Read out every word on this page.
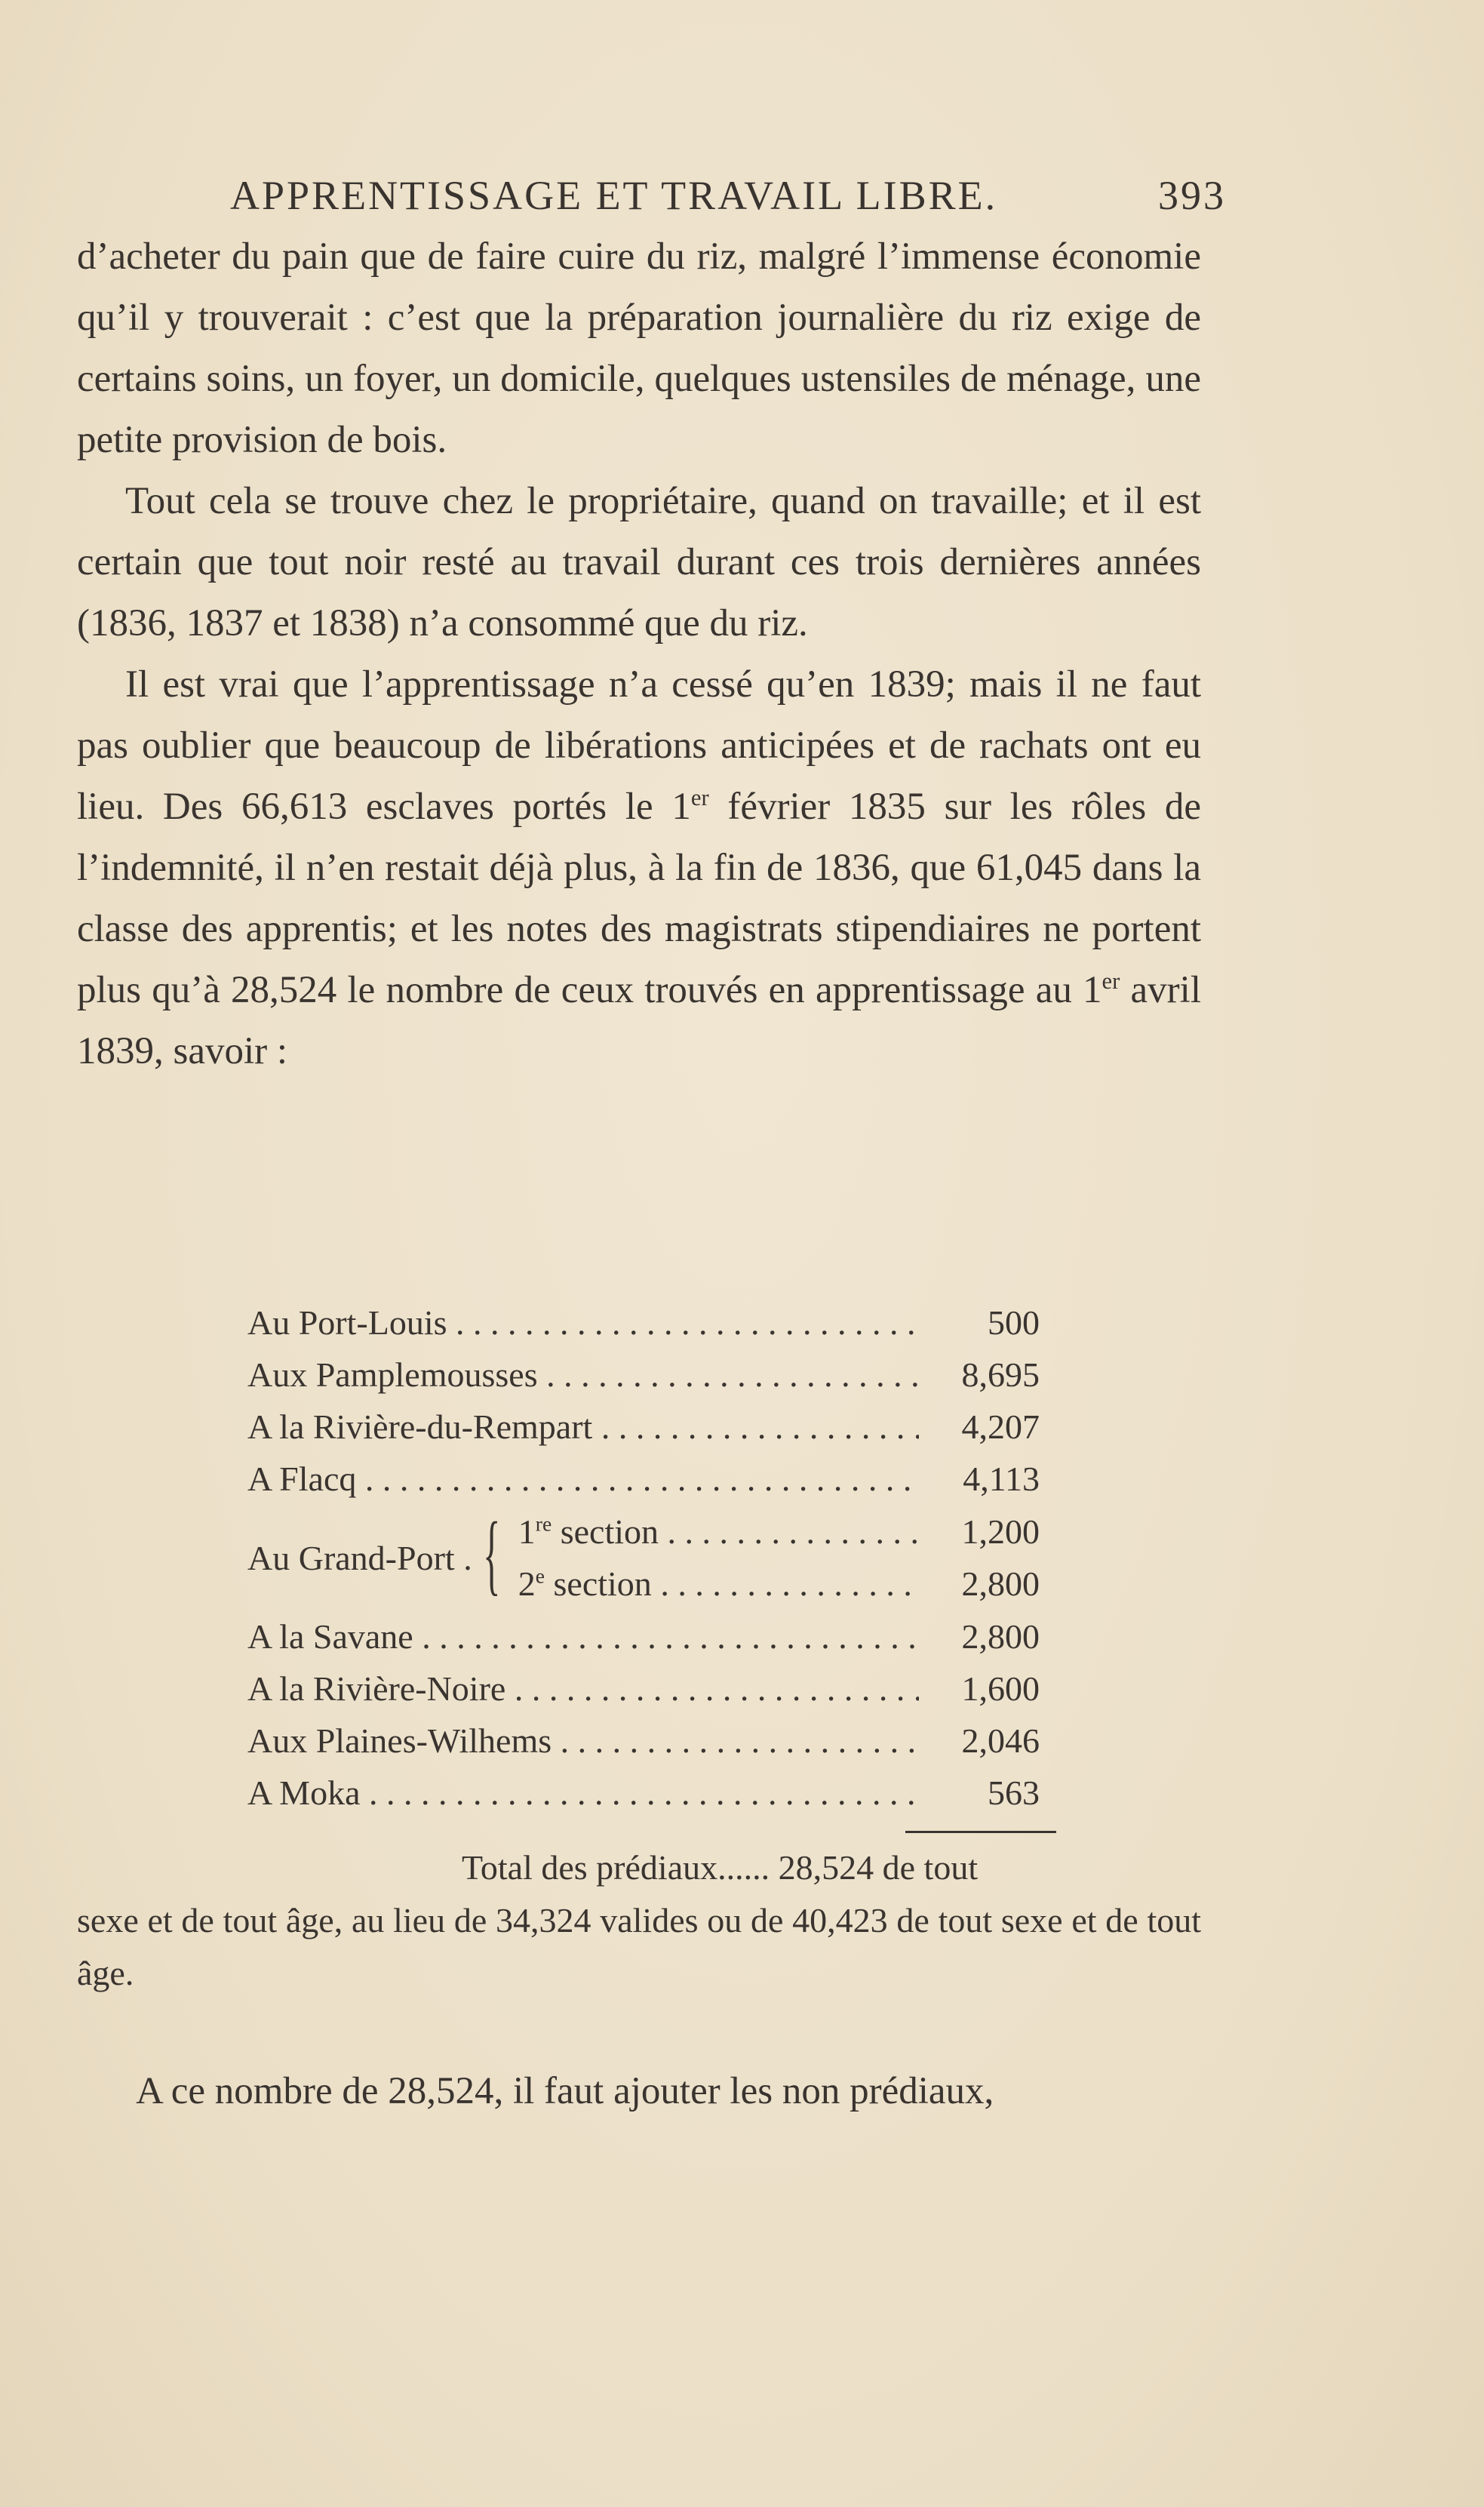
APPRENTISSAGE ET TRAVAIL LIBRE.	393

d’acheter du pain que de faire cuire du riz, malgré l’immense économie qu’il y trouverait : c’est que la préparation journalière du riz exige de certains soins, un foyer, un domicile, quelques ustensiles de ménage, une petite provision de bois.

Tout cela se trouve chez le propriétaire, quand on travaille; et il est certain que tout noir resté au travail durant ces trois dernières années (1836, 1837 et 1838) n’a consommé que du riz.

Il est vrai que l’apprentissage n’a cessé qu’en 1839; mais il ne faut pas oublier que beaucoup de libérations anticipées et de rachats ont eu lieu. Des 66,613 esclaves portés le 1er février 1835 sur les rôles de l’indemnité, il n’en restait déjà plus, à la fin de 1836, que 61,045 dans la classe des apprentis; et les notes des magistrats stipendiaires ne portent plus qu’à 28,524 le nombre de ceux trouvés en apprentissage au 1er avril 1839, savoir :

Au Port-Louis . . .	500
Aux Pamplemousses . . .	8,695
A la Rivière-du-Rempart . . .	4,207
A Flacq . . .	4,113
Au Grand-Port . . . { 1re section . . .	1,200
2e section . . .	2,800
A la Savane . . .	2,800
A la Rivière-Noire . . .	1,600
Aux Plaines-Wilhems . . .	2,046
A Moka . . .	563

Total des prédiaux...... 28,524 de tout

sexe et de tout âge, au lieu de 34,324 valides ou de 40,423 de tout sexe et de tout âge.

A ce nombre de 28,524, il faut ajouter les non prédiaux,
